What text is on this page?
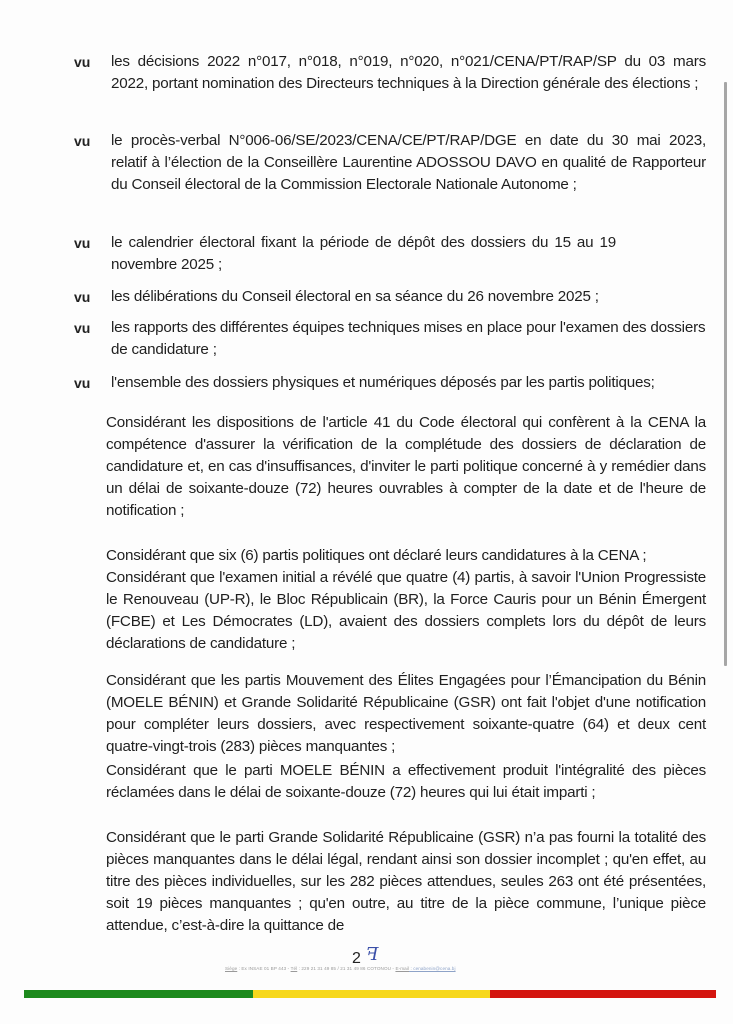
vu	les décisions 2022 n°017, n°018, n°019, n°020, n°021/CENA/PT/RAP/SP du 03 mars 2022, portant nomination des Directeurs techniques à la Direction générale des élections ;
vu	le procès-verbal N°006-06/SE/2023/CENA/CE/PT/RAP/DGE en date du 30 mai 2023, relatif à l’élection de la Conseillère Laurentine ADOSSOU DAVO en qualité de Rapporteur du Conseil électoral de la Commission Electorale Nationale Autonome ;
vu	le calendrier électoral fixant la période de dépôt des dossiers du 15 au 19 novembre 2025 ;
vu	les délibérations du Conseil électoral en sa séance du 26 novembre 2025 ;
vu	les rapports des différentes équipes techniques mises en place pour l'examen des dossiers de candidature ;
vu	l'ensemble des dossiers physiques et numériques déposés par les partis politiques;

Considérant les dispositions de l'article 41 du Code électoral qui confèrent à la CENA la compétence d'assurer la vérification de la complétude des dossiers de déclaration de candidature et, en cas d'insuffisances, d'inviter le parti politique concerné à y remédier dans un délai de soixante-douze (72) heures ouvrables à compter de la date et de l'heure de notification ;

Considérant que six (6) partis politiques ont déclaré leurs candidatures à la CENA ;

Considérant que l'examen initial a révélé que quatre (4) partis, à savoir l'Union Progressiste le Renouveau (UP-R), le Bloc Républicain (BR), la Force Cauris pour un Bénin Émergent (FCBE) et Les Démocrates (LD), avaient des dossiers complets lors du dépôt de leurs déclarations de candidature ;

Considérant que les partis Mouvement des Élites Engagées pour l’Émancipation du Bénin (MOELE BÉNIN) et Grande Solidarité Républicaine (GSR) ont fait l'objet d'une notification pour compléter leurs dossiers, avec respectivement soixante-quatre (64) et deux cent quatre-vingt-trois (283) pièces manquantes ;

Considérant que le parti MOELE BÉNIN a effectivement produit l'intégralité des pièces réclamées dans le délai de soixante-douze (72) heures qui lui était imparti ;

Considérant que le parti Grande Solidarité Républicaine (GSR) n’a pas fourni la totalité des pièces manquantes dans le délai légal, rendant ainsi son dossier incomplet ; qu'en effet, au titre des pièces individuelles, sur les 282 pièces attendues, seules 263 ont été présentées, soit 19 pièces manquantes ; qu'en outre, au titre de la pièce commune, l’unique pièce attendue, c’est-à-dire la quittance de

2 ꟻ
Siège : Ex INSAE 01 BP 443 - Tél : 229 21 31 49 85 / 21 31 49 86 COTONOU - E-mail : cenabenin@cena.bj
